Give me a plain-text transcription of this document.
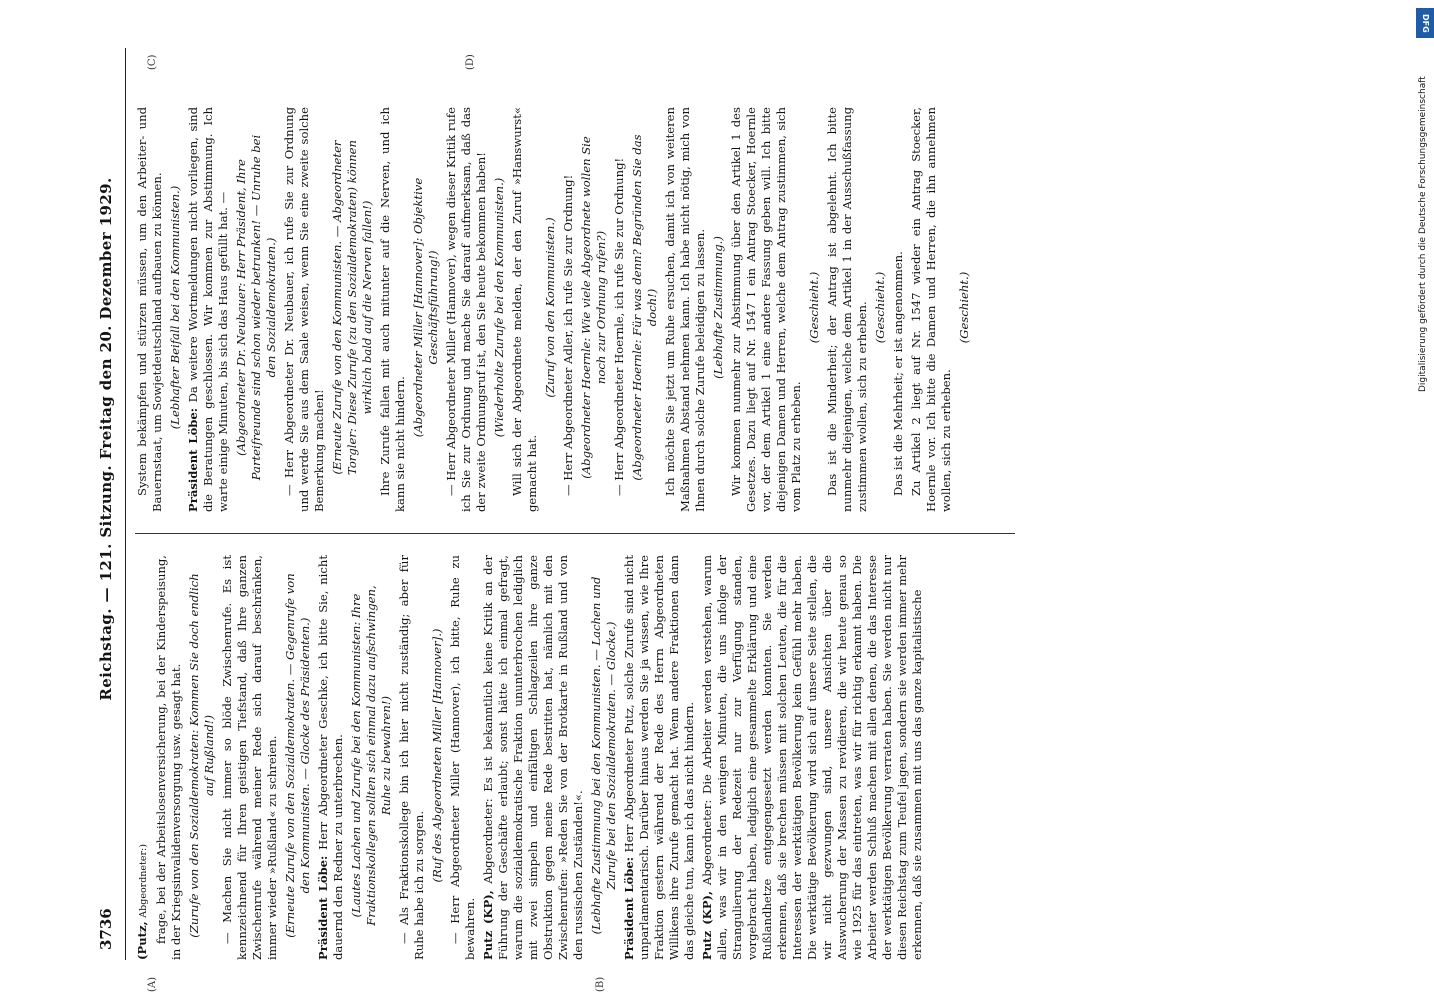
3736
Reichstag. — 121. Sitzung. Freitag den 20. Dezember 1929.
(A)	(B)
(C)	(D)

(Putz, Abgeordneter:) frage, bei der Arbeitslosenversicherung, bei der Kinderspeisung, in der Kriegsinvalidenversorgung usw. gesagt hat. (Zurufe von den Sozialdemokraten: Kommen Sie doch endlich auf Rußland!) — Machen Sie nicht immer so blöde Zwischenrufe. Es ist kennzeichnend für Ihren geistigen Tiefstand, daß Ihre ganzen Zwischenrufe während meiner Rede sich darauf beschränken, immer wieder »Rußland« zu schreien. (Erneute Zurufe von den Sozialdemokraten. — Gegenrufe von den Kommunisten. — Glocke des Präsidenten.)

Präsident Löbe: Herr Abgeordneter Geschke, ich bitte Sie, nicht dauernd den Redner zu unterbrechen. (Lautes Lachen und Zurufe bei den Kommunisten: Ihre Fraktionskollegen sollten sich einmal dazu aufschwingen, Ruhe zu bewahren!) — Als Fraktionskollege bin ich hier nicht zuständig; aber für Ruhe habe ich zu sorgen.

(Ruf des Abgeordneten Miller [Hannover].) — Herr Abgeordneter Miller (Hannover), ich bitte, Ruhe zu bewahren. Putz (KP), Abgeordneter: Es ist bekanntlich keine Kritik an der Führung der Geschäfte erlaubt; sonst hätte ich einmal gefragt, warum die sozialdemokratische Fraktion ununterbrochen lediglich mit zwei simpeln und einfältigen Schlagzeilen ihre ganze Obstruktion gegen meine Rede bestritten hat, nämlich mit den Zwischenrufen: »Reden Sie von der Brotkarte in Rußland und von den russischen Zuständen!«. (Lebhafte Zustimmung bei den Kommunisten. — Lachen und Zurufe bei den Sozialdemokraten. — Glocke.)

Präsident Löbe: Herr Abgeordneter Putz, solche Zurufe sind nicht unparlamentarisch. Darüber hinaus werden Sie ja wissen, wie Ihre Fraktion gestern während der Rede des Herrn Abgeordneten Willikens ihre Zurufe gemacht hat. Wenn andere Fraktionen dann das gleiche tun, kann ich das nicht hindern. Putz (KP), Abgeordneter: Die Arbeiter werden verstehen, warum allen, was wir in den wenigen Minuten, die uns infolge der Strangulierung der Redezeit nur zur Verfügung standen, vorgebracht haben, lediglich eine gesammelte Erklärung und eine Rußlandhetze entgegengesetzt werden konnten. Sie werden erkennen, daß sie brechen müssen mit solchen Leuten, die für die Interessen der werktätigen Bevölkerung kein Gefühl mehr haben. Die werktätige Bevölkerung wird sich auf unsere Seite stellen, die wir nicht gezwungen sind, unsere Ansichten über die Auswucherung der Massen zu revidieren, die wir heute genau so wie 1925 für das eintreten, was wir für richtig erkannt haben. Die Arbeiter werden Schluß machen mit allen denen, die das Interesse der werktätigen Bevölkerung verraten haben. Sie werden nicht nur diesen Reichstag zum Teufel jagen, sondern sie werden immer mehr erkennen, daß sie zusammen mit uns das ganze kapitalistische

System bekämpfen und stürzen müssen, um den Arbeiter- und Bauernstaat, um Sowjetdeutschland aufbauen zu können. (Lebhafter Beifall bei den Kommunisten.)

Präsident Löbe: Da weitere Wortmeldungen nicht vorliegen, sind die Beratungen geschlossen. Wir kommen zur Abstimmung. Ich warte einige Minuten, bis sich das Haus gefüllt hat. — (Abgeordneter Dr. Neubauer: Herr Präsident, Ihre Parteifreunde sind schon wieder betrunken! — Unruhe bei den Sozialdemokraten.) — Herr Abgeordneter Dr. Neubauer, ich rufe Sie zur Ordnung und werde Sie aus dem Saale weisen, wenn Sie eine zweite solche Bemerkung machen! (Erneute Zurufe von den Kommunisten. — Abgeordneter Torgler: Diese Zurufe (zu den Sozialdemokraten) können wirklich bald auf die Nerven fallen!) Ihre Zurufe fallen mit auch mitunter auf die Nerven, und ich kann sie nicht hindern.

(Abgeordneter Miller [Hannover]: Objektive Geschäftsführung!) — Herr Abgeordneter Miller (Hannover), wegen dieser Kritik rufe ich Sie zur Ordnung und mache Sie darauf aufmerksam, daß das der zweite Ordnungsruf ist, den Sie heute bekommen haben! (Wiederholte Zurufe bei den Kommunisten.) Will sich der Abgeordnete melden, der den Zuruf »Hanswurst« gemacht hat.

(Zuruf von den Kommunisten.) — Herr Abgeordneter Adler, ich rufe Sie zur Ordnung! (Abgeordneter Hoernle: Wie viele Abgeordnete wollen Sie noch zur Ordnung rufen?) — Herr Abgeordneter Hoernle, ich rufe Sie zur Ordnung! (Abgeordneter Hoernle: Für was denn? Begründen Sie das doch!) Ich möchte Sie jetzt um Ruhe ersuchen, damit ich von weiteren Maßnahmen Abstand nehmen kann. Ich habe nicht nötig, mich von Ihnen durch solche Zurufe beleidigen zu lassen. (Lebhafte Zustimmung.) Wir kommen nunmehr zur Abstimmung über den Artikel 1 des Gesetzes. Dazu liegt auf Nr. 1547 I ein Antrag Stoecker, Hoernle vor, der dem Artikel 1 eine andere Fassung geben will. Ich bitte diejenigen Damen und Herren, welche dem Antrag zustimmen, sich vom Platz zu erheben.

(Geschieht.) Das ist die Minderheit; der Antrag ist abgelehnt. Ich bitte nunmehr diejenigen, welche dem Artikel 1 in der Ausschußfassung zustimmen wollen, sich zu erheben. (Geschieht.) Das ist die Mehrheit; er ist angenommen. Zu Artikel 2 liegt auf Nr. 1547 wieder ein Antrag Stoecker, Hoernle vor. Ich bitte die Damen und Herren, die ihn annehmen wollen, sich zu erheben.

(Geschieht.)

DFG
Digitalisierung gefördert durch die Deutsche Forschungsgemeinschaft
